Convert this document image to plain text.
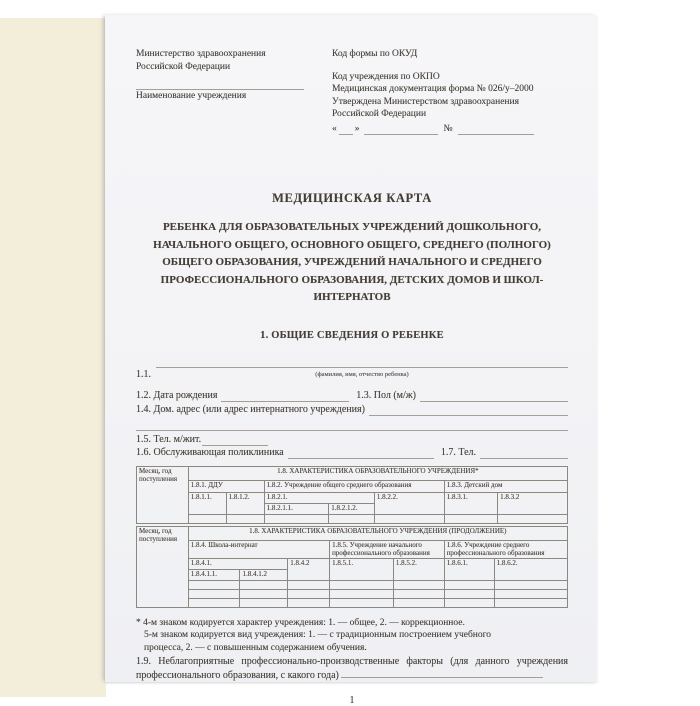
Министерство здравоохранения
Российской Федерации
Наименование учреждения
Код формы по ОКУД
Код учреждения по ОКПО
Медицинская документация форма № 026/у–2000
Утверждена Министерством здравоохранения
Российской Федерации
« »	№
МЕДИЦИНСКАЯ КАРТА
РЕБЕНКА ДЛЯ ОБРАЗОВАТЕЛЬНЫХ УЧРЕЖДЕНИЙ ДОШКОЛЬНОГО, НАЧАЛЬНОГО ОБЩЕГО, ОСНОВНОГО ОБЩЕГО, СРЕДНЕГО (ПОЛНОГО) ОБЩЕГО ОБРАЗОВАНИЯ, УЧРЕЖДЕНИЙ НАЧАЛЬНОГО И СРЕДНЕГО ПРОФЕССИОНАЛЬНОГО ОБРАЗОВАНИЯ, ДЕТСКИХ ДОМОВ И ШКОЛ-ИНТЕРНАТОВ
1. ОБЩИЕ СВЕДЕНИЯ О РЕБЕНКЕ
1.1.	(фамилия, имя, отчество ребенка)
1.2. Дата рождения	1.3. Пол (м/ж)
1.4. Дом. адрес (или адрес интернатного учреждения)
1.5. Тел. м/жит.
1.6. Обслуживающая поликлиника	1.7. Тел.
Месяц, год поступления	1.8. ХАРАКТЕРИСТИКА ОБРАЗОВАТЕЛЬНОГО УЧРЕЖДЕНИЯ*						
	1.8.1. ДДУ		1.8.2. Учреждение общего среднего образования			1.8.3. Детский дом	
	1.8.1.1.	1.8.1.2.	1.8.2.1.		1.8.2.2.	1.8.3.1.	1.8.3.2
			1.8.2.1.1.	1.8.2.1.2.			

Месяц, год поступления	1.8. ХАРАКТЕРИСТИКА ОБРАЗОВАТЕЛЬНОГО УЧРЕЖДЕНИЯ (ПРОДОЛЖЕНИЕ)						
	1.8.4. Школа-интернат			1.8.5. Учреждение начального профессионального образования		1.8.6. Учреждение среднего профессионального образования	
	1.8.4.1.		1.8.4.2	1.8.5.1.	1.8.5.2.	1.8.6.1.	1.8.6.2.
	1.8.4.1.1.	1.8.4.1.2					

* 4-м знаком кодируется характер учреждения: 1. — общее, 2. — коррекционное.
5-м знаком кодируется вид учреждения: 1. — с традиционным построением учебного процесса, 2. — с повышенным содержанием обучения.
1.9. Неблагоприятные профессионально-производственные факторы (для данного учреждения профессионального образования, с какого года)
1
